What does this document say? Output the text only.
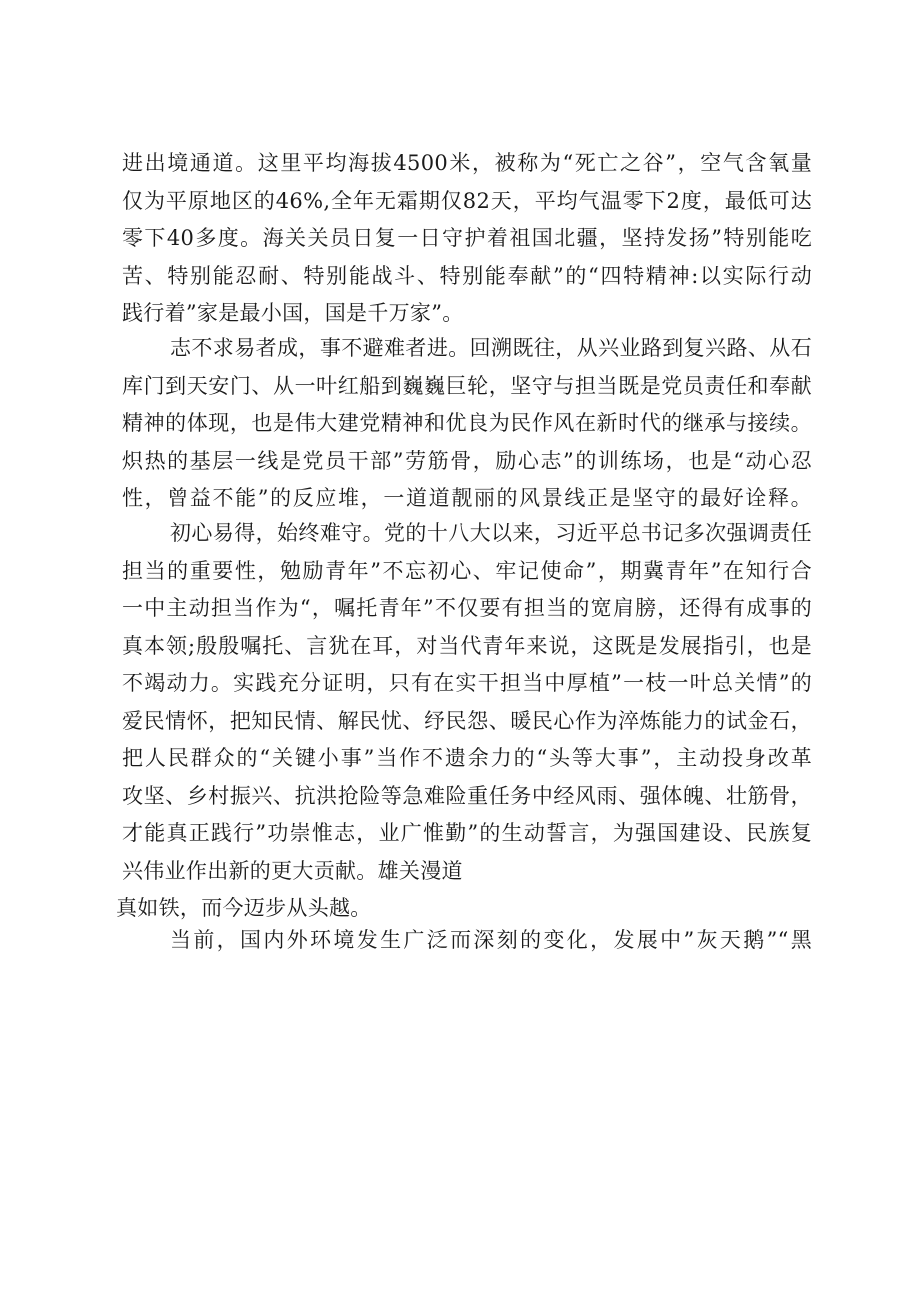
进出境通道。这里平均海拔4500米，被称为“死亡之谷”，空气含氧量
仅为平原地区的46%,全年无霜期仅82天，平均气温零下2度，最低可达
零下40多度。海关关员日复一日守护着祖国北疆，坚持发扬”特别能吃
苦、特别能忍耐、特别能战斗、特别能奉献”的“四特精神:以实际行动
践行着”家是最小国，国是千万家”。
志不求易者成，事不避难者进。回溯既往，从兴业路到复兴路、从石
库门到天安门、从一叶红船到巍巍巨轮，坚守与担当既是党员责任和奉献
精神的体现，也是伟大建党精神和优良为民作风在新时代的继承与接续。
炽热的基层一线是党员干部”劳筋骨，励心志”的训练场，也是“动心忍
性，曾益不能”的反应堆，一道道靓丽的风景线正是坚守的最好诠释。
初心易得，始终难守。党的十八大以来，习近平总书记多次强调责任
担当的重要性，勉励青年”不忘初心、牢记使命”，期冀青年”在知行合
一中主动担当作为“，嘱托青年”不仅要有担当的宽肩膀，还得有成事的
真本领;殷殷嘱托、言犹在耳，对当代青年来说，这既是发展指引，也是
不竭动力。实践充分证明，只有在实干担当中厚植”一枝一叶总关情”的
爱民情怀，把知民情、解民忧、纾民怨、暖民心作为淬炼能力的试金石，
把人民群众的“关键小事”当作不遗余力的“头等大事”，主动投身改革
攻坚、乡村振兴、抗洪抢险等急难险重任务中经风雨、强体魄、壮筋骨，
才能真正践行”功崇惟志，业广惟勤”的生动誓言，为强国建设、民族复
兴伟业作出新的更大贡献。雄关漫道
真如铁，而今迈步从头越。
当前，国内外环境发生广泛而深刻的变化，发展中”灰天鹅”“黑
